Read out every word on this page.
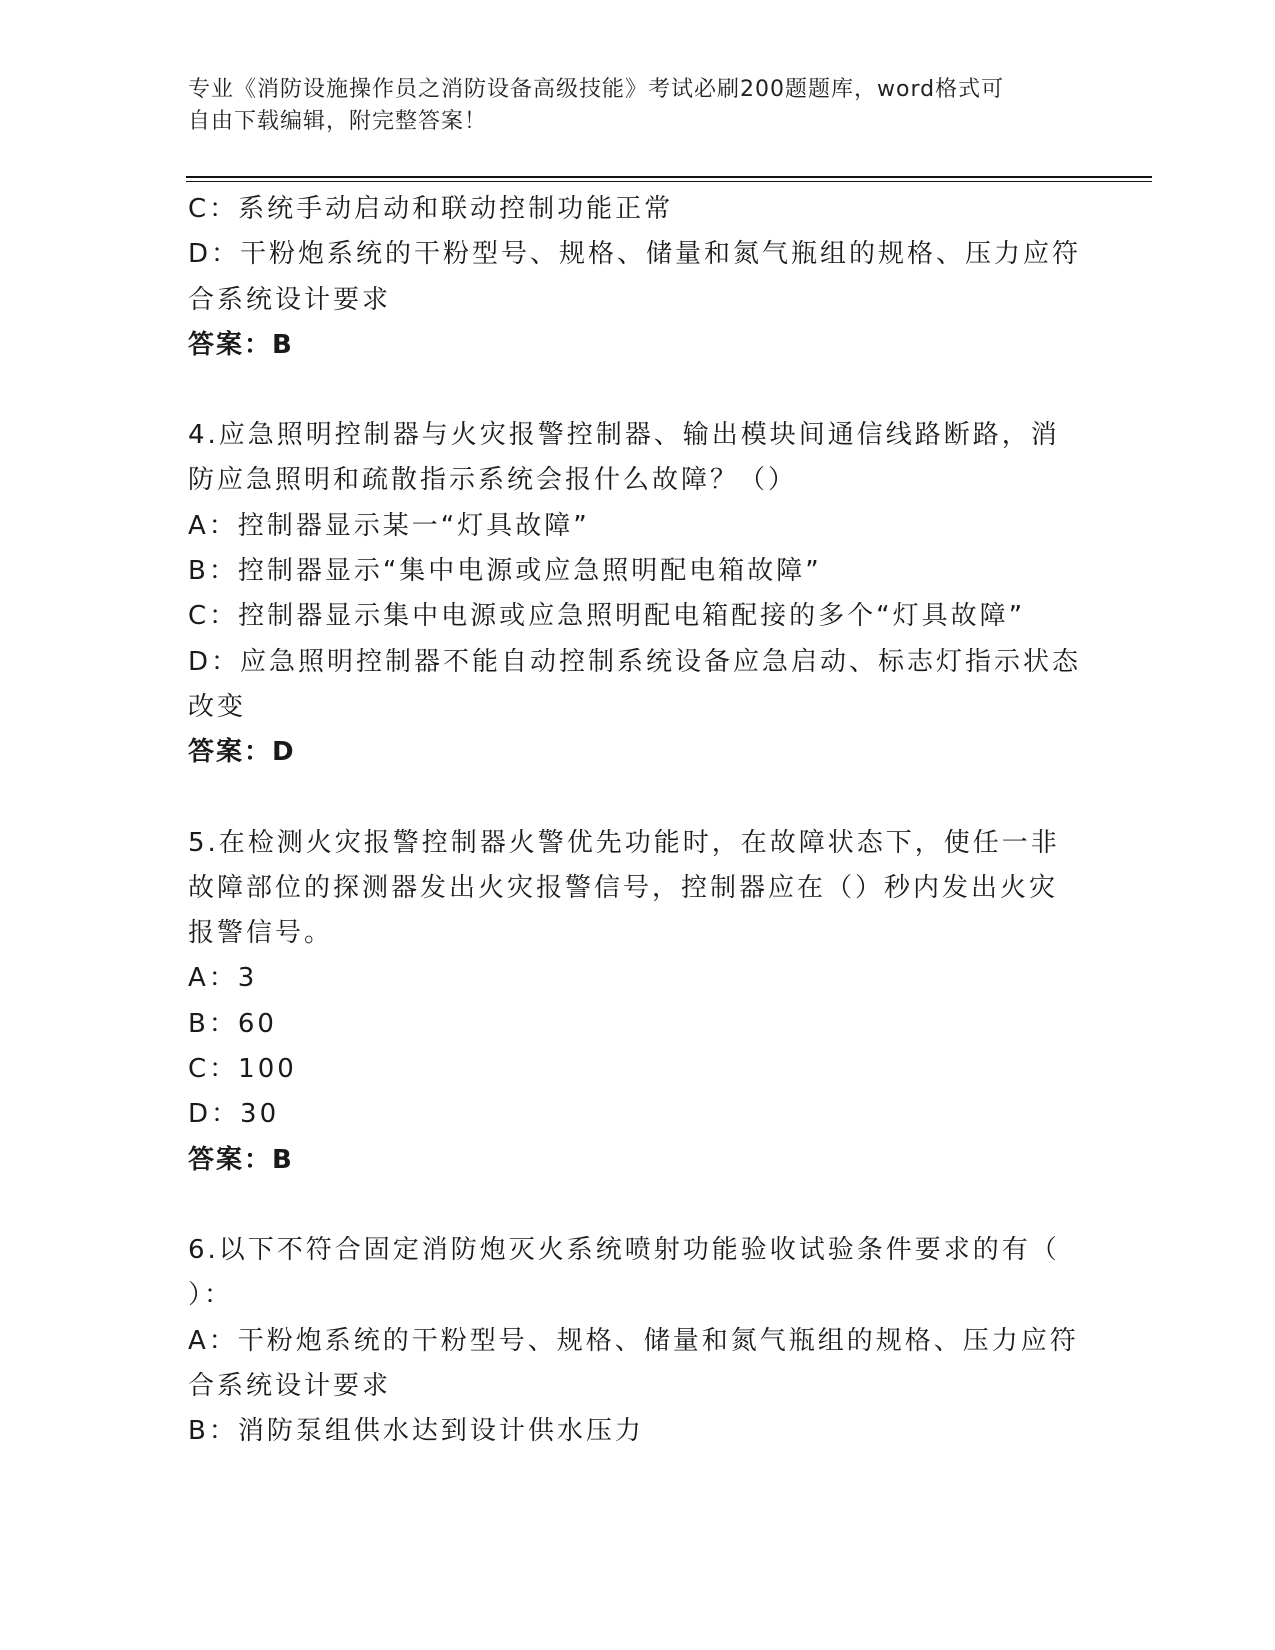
专业《消防设施操作员之消防设备高级技能》考试必刷200题题库，word格式可
自由下载编辑，附完整答案！
C：系统手动启动和联动控制功能正常
D：干粉炮系统的干粉型号、规格、储量和氮气瓶组的规格、压力应符
合系统设计要求
答案：B
4.应急照明控制器与火灾报警控制器、输出模块间通信线路断路，消
防应急照明和疏散指示系统会报什么故障？（）
A：控制器显示某一“灯具故障”
B：控制器显示“集中电源或应急照明配电箱故障”
C：控制器显示集中电源或应急照明配电箱配接的多个“灯具故障”
D：应急照明控制器不能自动控制系统设备应急启动、标志灯指示状态
改变
答案：D
5.在检测火灾报警控制器火警优先功能时，在故障状态下，使任一非
故障部位的探测器发出火灾报警信号，控制器应在（）秒内发出火灾
报警信号。
A：3
B：60
C：100
D：30
答案：B
6.以下不符合固定消防炮灭火系统喷射功能验收试验条件要求的有（
）：
A：干粉炮系统的干粉型号、规格、储量和氮气瓶组的规格、压力应符
合系统设计要求
B：消防泵组供水达到设计供水压力
